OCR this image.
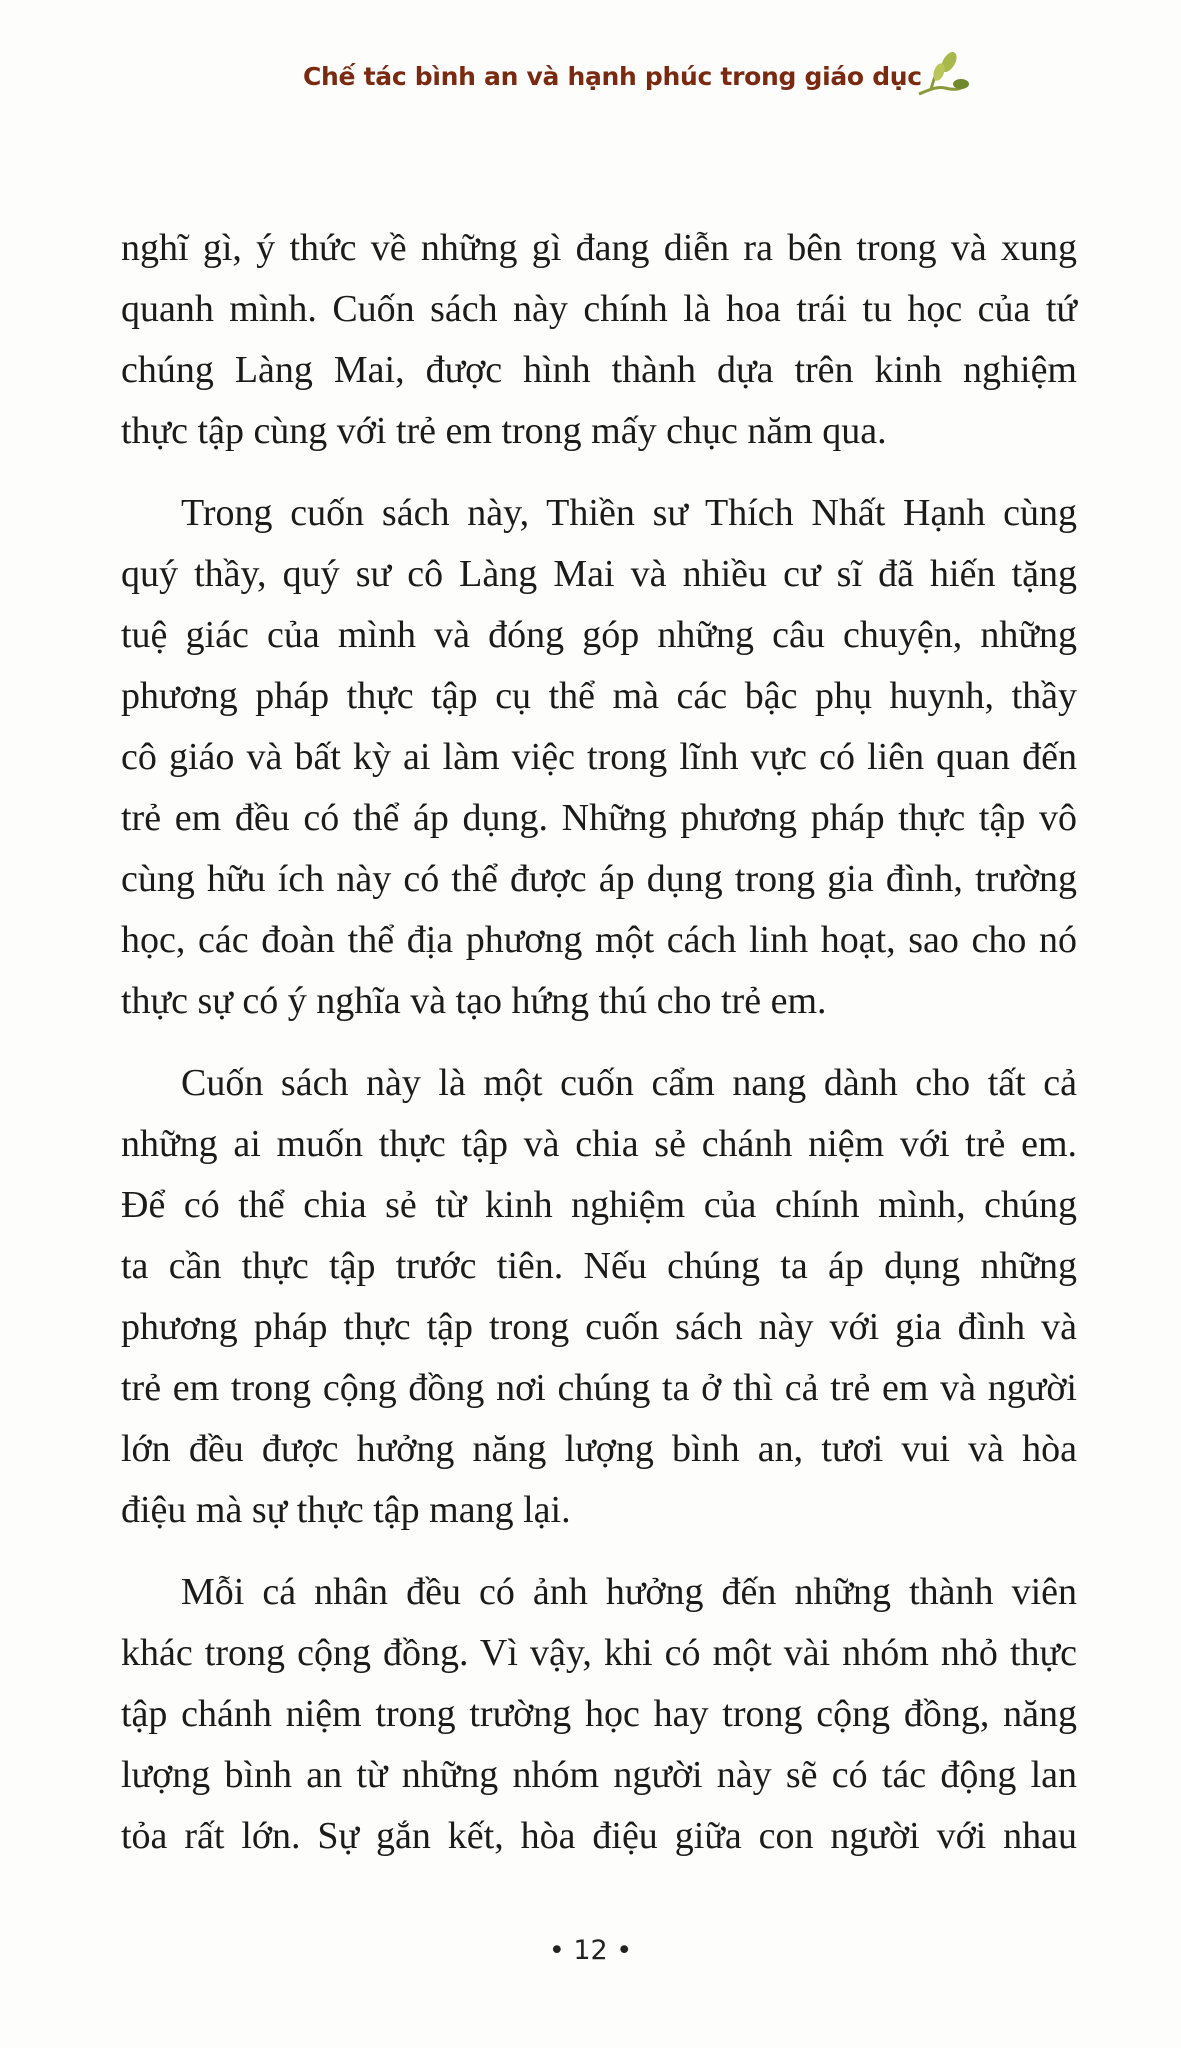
Chế tác bình an và hạnh phúc trong giáo dục
nghĩ gì, ý thức về những gì đang diễn ra bên trong và xung
quanh mình. Cuốn sách này chính là hoa trái tu học của tứ
chúng Làng Mai, được hình thành dựa trên kinh nghiệm
thực tập cùng với trẻ em trong mấy chục năm qua.
Trong cuốn sách này, Thiền sư Thích Nhất Hạnh cùng
quý thầy, quý sư cô Làng Mai và nhiều cư sĩ đã hiến tặng
tuệ giác của mình và đóng góp những câu chuyện, những
phương pháp thực tập cụ thể mà các bậc phụ huynh, thầy
cô giáo và bất kỳ ai làm việc trong lĩnh vực có liên quan đến
trẻ em đều có thể áp dụng. Những phương pháp thực tập vô
cùng hữu ích này có thể được áp dụng trong gia đình, trường
học, các đoàn thể địa phương một cách linh hoạt, sao cho nó
thực sự có ý nghĩa và tạo hứng thú cho trẻ em.
Cuốn sách này là một cuốn cẩm nang dành cho tất cả
những ai muốn thực tập và chia sẻ chánh niệm với trẻ em.
Để có thể chia sẻ từ kinh nghiệm của chính mình, chúng
ta cần thực tập trước tiên. Nếu chúng ta áp dụng những
phương pháp thực tập trong cuốn sách này với gia đình và
trẻ em trong cộng đồng nơi chúng ta ở thì cả trẻ em và người
lớn đều được hưởng năng lượng bình an, tươi vui và hòa
điệu mà sự thực tập mang lại.
Mỗi cá nhân đều có ảnh hưởng đến những thành viên
khác trong cộng đồng. Vì vậy, khi có một vài nhóm nhỏ thực
tập chánh niệm trong trường học hay trong cộng đồng, năng
lượng bình an từ những nhóm người này sẽ có tác động lan
tỏa rất lớn. Sự gắn kết, hòa điệu giữa con người với nhau
• 12 •
